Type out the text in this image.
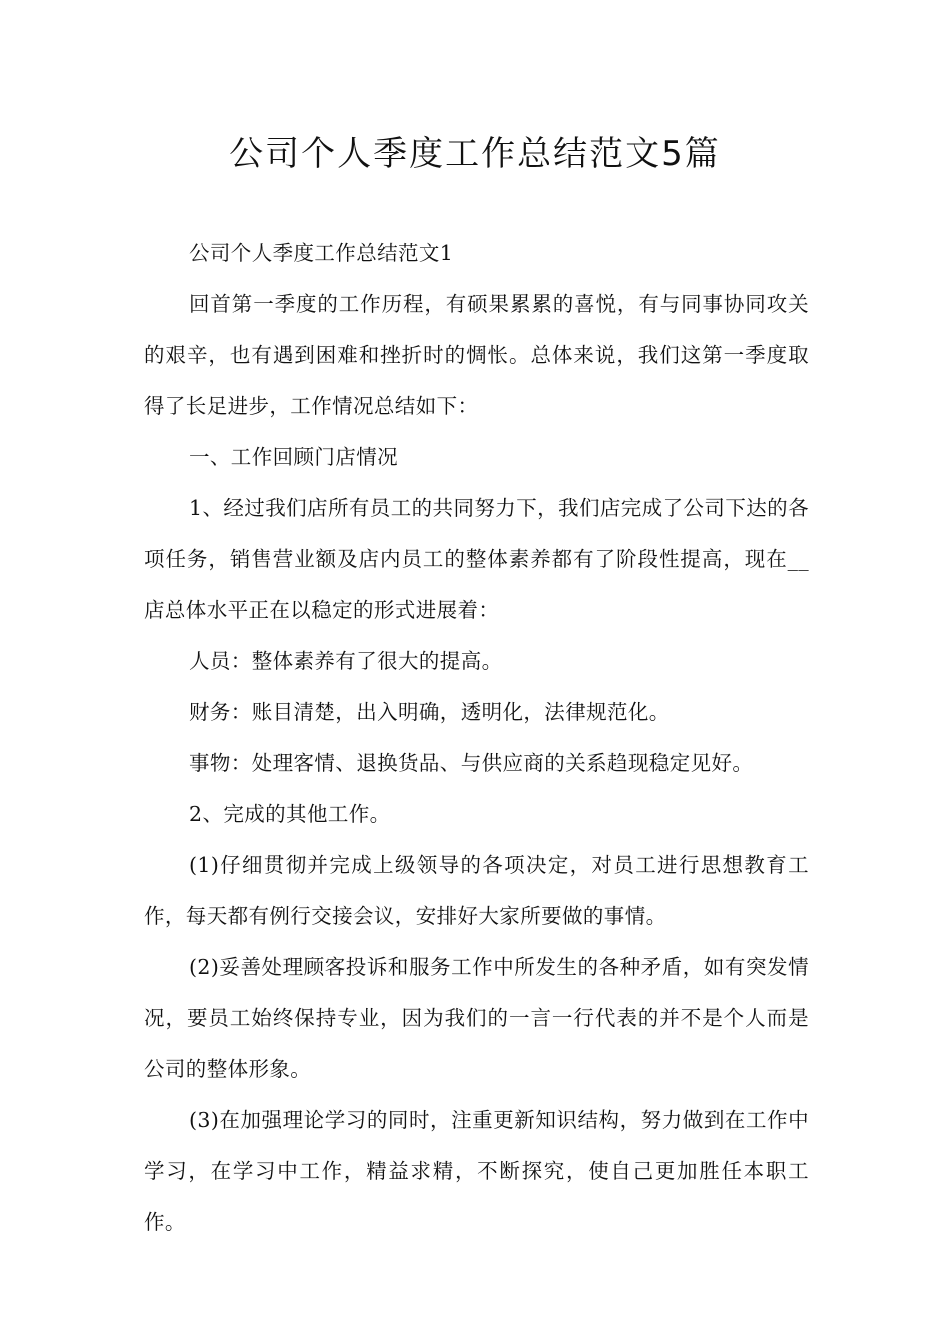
公司个人季度工作总结范文5篇

公司个人季度工作总结范文1

回首第一季度的工作历程，有硕果累累的喜悦，有与同事协同攻关的艰辛，也有遇到困难和挫折时的惆怅。总体来说，我们这第一季度取得了长足进步，工作情况总结如下：

一、工作回顾门店情况

1、经过我们店所有员工的共同努力下，我们店完成了公司下达的各项任务，销售营业额及店内员工的整体素养都有了阶段性提高，现在__店总体水平正在以稳定的形式进展着：

人员：整体素养有了很大的提高。

财务：账目清楚，出入明确，透明化，法律规范化。

事物：处理客情、退换货品、与供应商的关系趋现稳定见好。

2、完成的其他工作。

(1)仔细贯彻并完成上级领导的各项决定，对员工进行思想教育工作，每天都有例行交接会议，安排好大家所要做的事情。

(2)妥善处理顾客投诉和服务工作中所发生的各种矛盾，如有突发情况，要员工始终保持专业，因为我们的一言一行代表的并不是个人而是公司的整体形象。

(3)在加强理论学习的同时，注重更新知识结构，努力做到在工作中学习，在学习中工作，精益求精，不断探究，使自己更加胜任本职工作。
